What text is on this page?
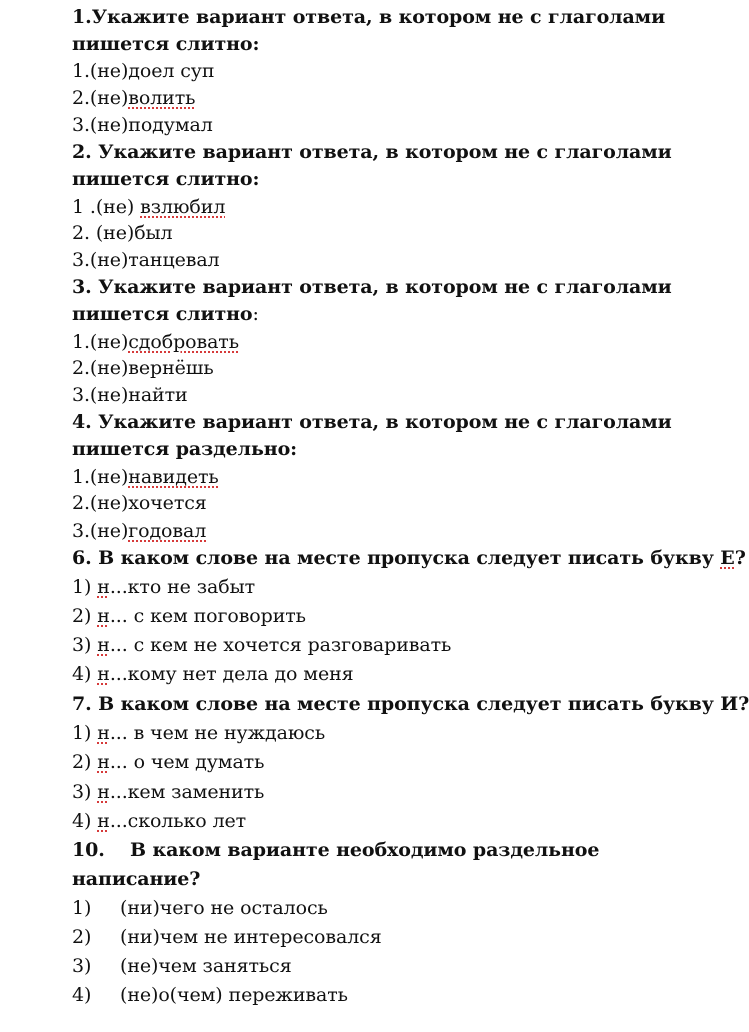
1.Укажите вариант ответа, в котором не с глаголами
пишется слитно:
1.(не)доел суп
2.(не)волить
3.(не)подумал
2. Укажите вариант ответа, в котором не с глаголами
пишется слитно:
1 .(не) взлюбил
2. (не)был
3.(не)танцевал
3. Укажите вариант ответа, в котором не с глаголами
пишется слитно:
1.(не)сдобровать
2.(не)вернёшь
3.(не)найти
4. Укажите вариант ответа, в котором не с глаголами
пишется раздельно:
1.(не)навидеть
2.(не)хочется
3.(не)годовал
6. В каком слове на месте пропуска следует писать букву Е?
1) н...кто не забыт
2) н... с кем поговорить
3) н... с кем не хочется разговаривать
4) н...кому нет дела до меня
7. В каком слове на месте пропуска следует писать букву И?
1) н... в чем не нуждаюсь
2) н... о чем думать
3) н...кем заменить
4) н...сколько лет
10. В каком варианте необходимо раздельное
написание?
1) (ни)чего не осталось
2) (ни)чем не интересовался
3) (не)чем заняться
4) (не)о(чем) переживать
